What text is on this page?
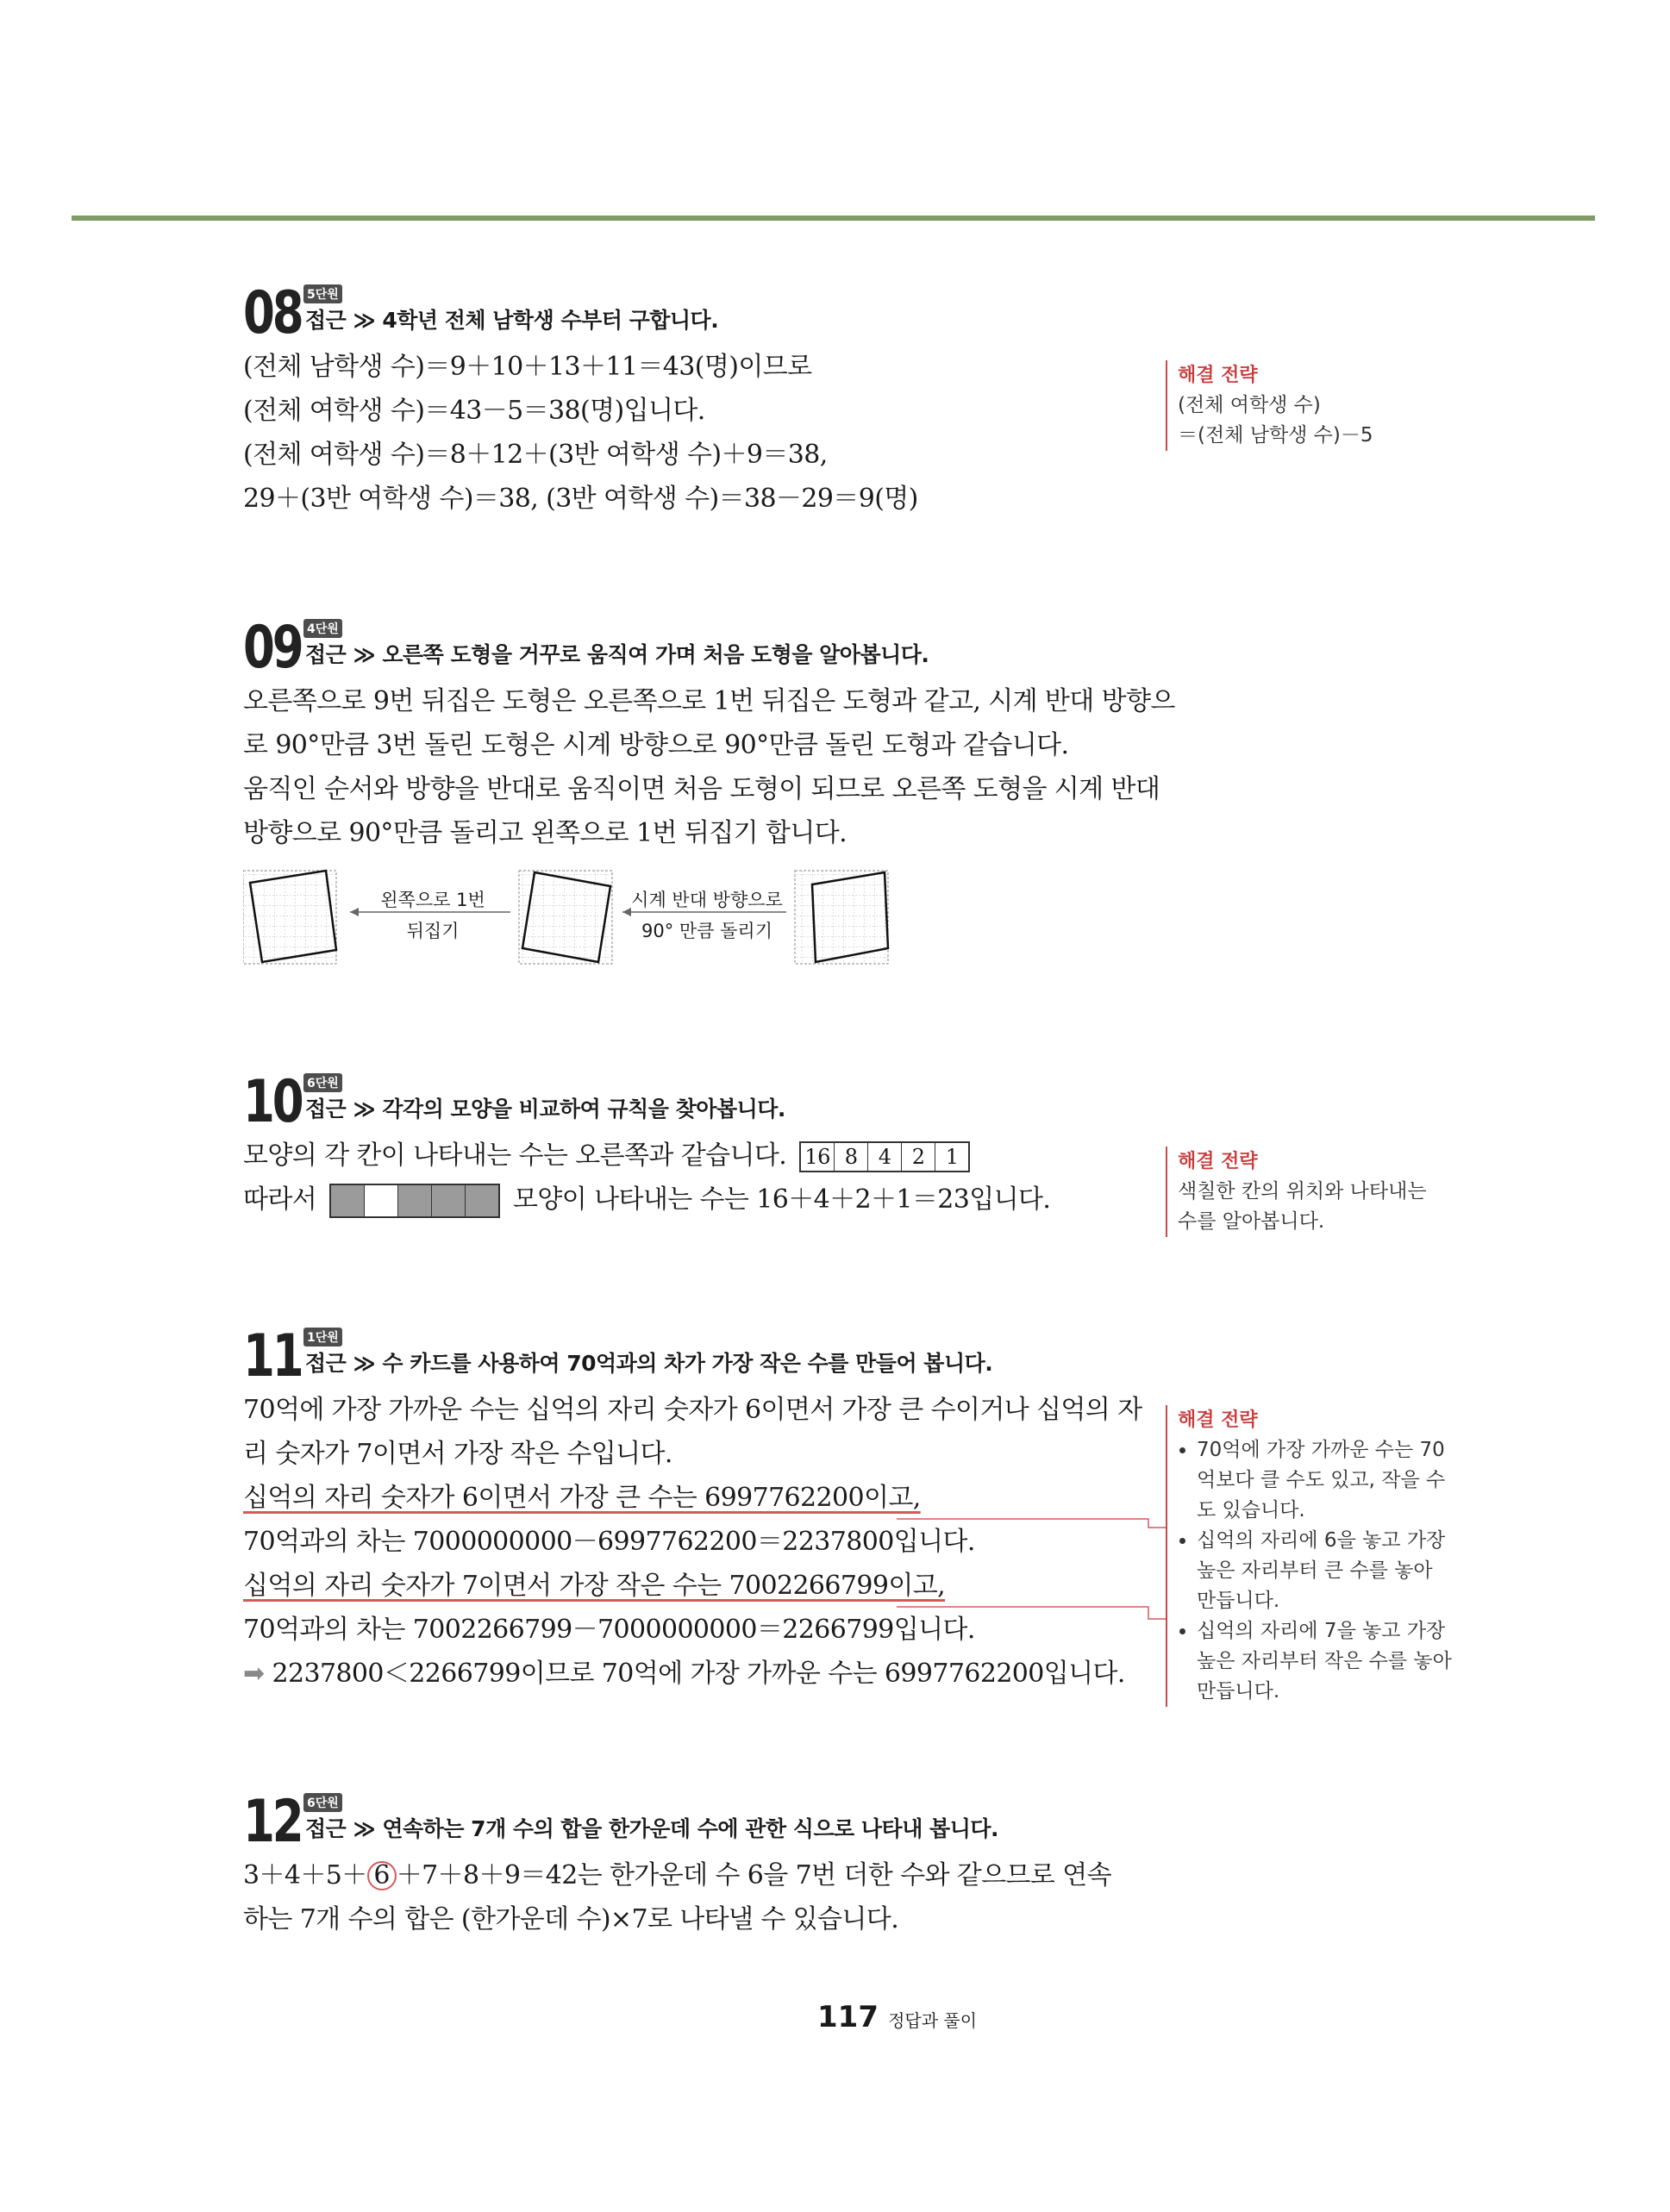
08 5단원
접근 ≫ 4학년 전체 남학생 수부터 구합니다.
(전체 남학생 수)＝9＋10＋13＋11＝43(명)이므로
(전체 여학생 수)＝43－5＝38(명)입니다.
(전체 여학생 수)＝8＋12＋(3반 여학생 수)＋9＝38,
29＋(3반 여학생 수)＝38, (3반 여학생 수)＝38－29＝9(명)
해결 전략
(전체 여학생 수)
＝(전체 남학생 수)－5
09 4단원
접근 ≫ 오른쪽 도형을 거꾸로 움직여 가며 처음 도형을 알아봅니다.
오른쪽으로 9번 뒤집은 도형은 오른쪽으로 1번 뒤집은 도형과 같고, 시계 반대 방향으
로 90°만큼 3번 돌린 도형은 시계 방향으로 90°만큼 돌린 도형과 같습니다.
움직인 순서와 방향을 반대로 움직이면 처음 도형이 되므로 오른쪽 도형을 시계 반대
방향으로 90°만큼 돌리고 왼쪽으로 1번 뒤집기 합니다.
왼쪽으로 1번
뒤집기
시계 반대 방향으로
90° 만큼 돌리기
10 6단원
접근 ≫ 각각의 모양을 비교하여 규칙을 찾아봅니다.
모양의 각 칸이 나타내는 수는 오른쪽과 같습니다. 16 8	4	2	1
따라서	모양이 나타내는 수는 16＋4＋2＋1＝23입니다.
해결 전략
색칠한 칸의 위치와 나타내는
수를 알아봅니다.
11 1단원
접근 ≫ 수 카드를 사용하여 70억과의 차가 가장 작은 수를 만들어 봅니다.
70억에 가장 가까운 수는 십억의 자리 숫자가 6이면서 가장 큰 수이거나 십억의 자
리 숫자가 7이면서 가장 작은 수입니다.
십억의 자리 숫자가 6이면서 가장 큰 수는 6997762200이고,
70억과의 차는 7000000000－6997762200＝2237800입니다.
십억의 자리 숫자가 7이면서 가장 작은 수는 7002266799이고,
70억과의 차는 7002266799－7000000000＝2266799입니다.
➡ 2237800＜2266799이므로 70억에 가장 가까운 수는 6997762200입니다.
해결 전략
• 70억에 가장 가까운 수는 70억보다 클 수도 있고, 작을 수도 있습니다.
• 십억의 자리에 6을 놓고 가장 높은 자리부터 큰 수를 놓아 만듭니다.
• 십억의 자리에 7을 놓고 가장 높은 자리부터 작은 수를 놓아 만듭니다.
12 6단원
접근 ≫ 연속하는 7개 수의 합을 한가운데 수에 관한 식으로 나타내 봅니다.
3＋4＋5＋ 6 ＋7＋8＋9＝42는 한가운데 수 6을 7번 더한 수와 같으므로 연속
하는 7개 수의 합은 (한가운데 수)×7로 나타낼 수 있습니다.
117 정답과 풀이
